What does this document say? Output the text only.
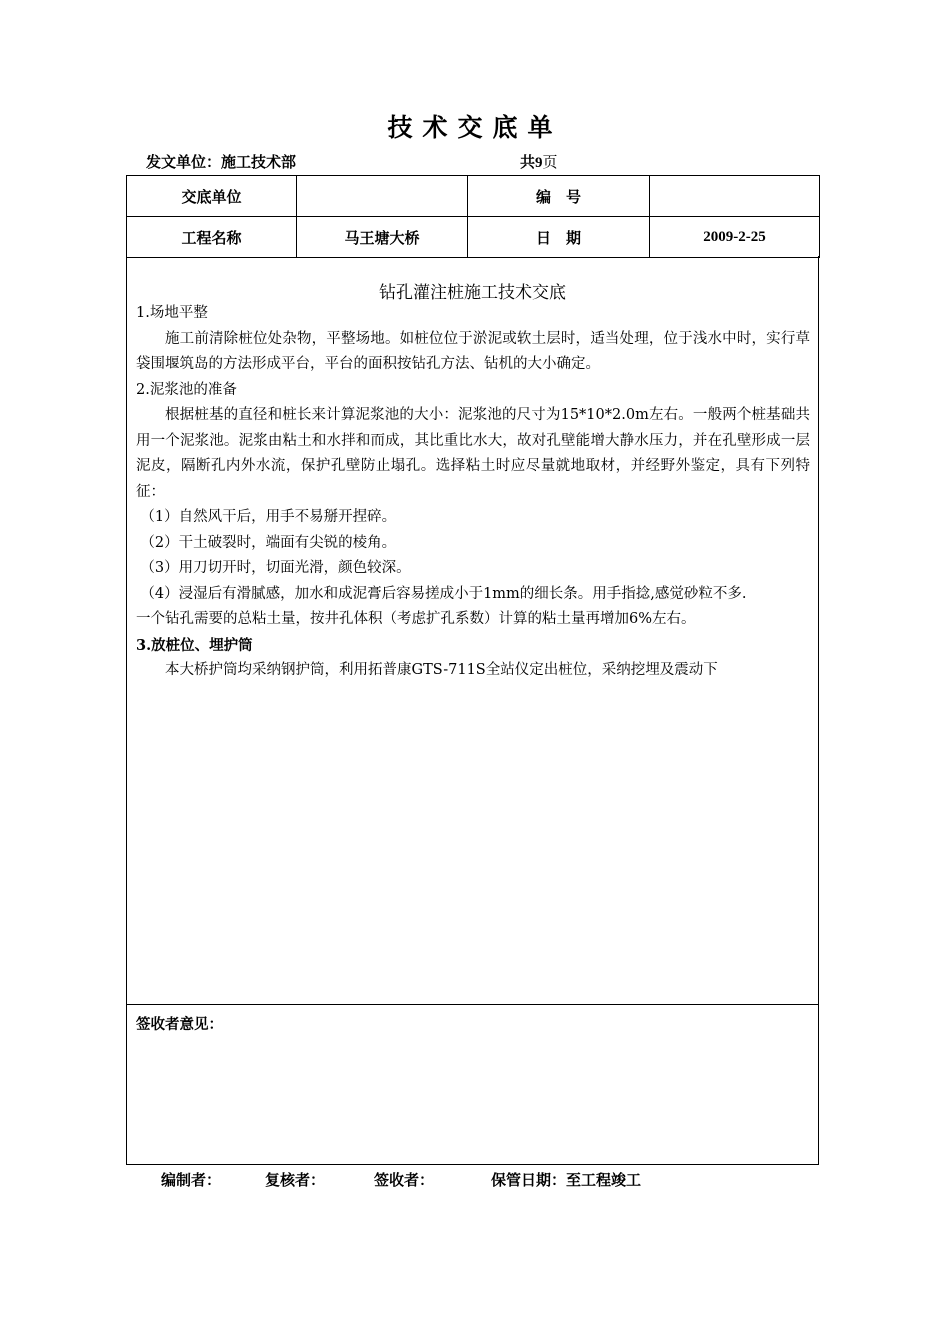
技术交底单
发文单位：施工技术部	共9页
交底单位		编　号	
工程名称	马王塘大桥	日　期	2009-2-25
钻孔灌注桩施工技术交底

1.场地平整

施工前清除桩位处杂物，平整场地。如桩位位于淤泥或软土层时，适当处理，位于浅水中时，实行草袋围堰筑岛的方法形成平台，平台的面积按钻孔方法、钻机的大小确定。

2.泥浆池的准备

根据桩基的直径和桩长来计算泥浆池的大小：泥浆池的尺寸为15*10*2.0m左右。一般两个桩基础共用一个泥浆池。泥浆由粘土和水拌和而成，其比重比水大，故对孔壁能增大静水压力，并在孔壁形成一层泥皮，隔断孔内外水流，保护孔壁防止塌孔。选择粘土时应尽量就地取材，并经野外鉴定，具有下列特征：

（1）自然风干后，用手不易掰开捏碎。

（2）干土破裂时，端面有尖锐的棱角。

（3）用刀切开时，切面光滑，颜色较深。

（4）浸湿后有滑腻感，加水和成泥膏后容易搓成小于1mm的细长条。用手指捻,感觉砂粒不多.

一个钻孔需要的总粘土量，按井孔体积（考虑扩孔系数）计算的粘土量再增加6%左右。

3.放桩位、埋护筒

本大桥护筒均采纳钢护筒，利用拓普康GTS-711S全站仪定出桩位，采纳挖埋及震动下

签收者意见：
编制者：	复核者：	签收者：	保管日期：至工程竣工
